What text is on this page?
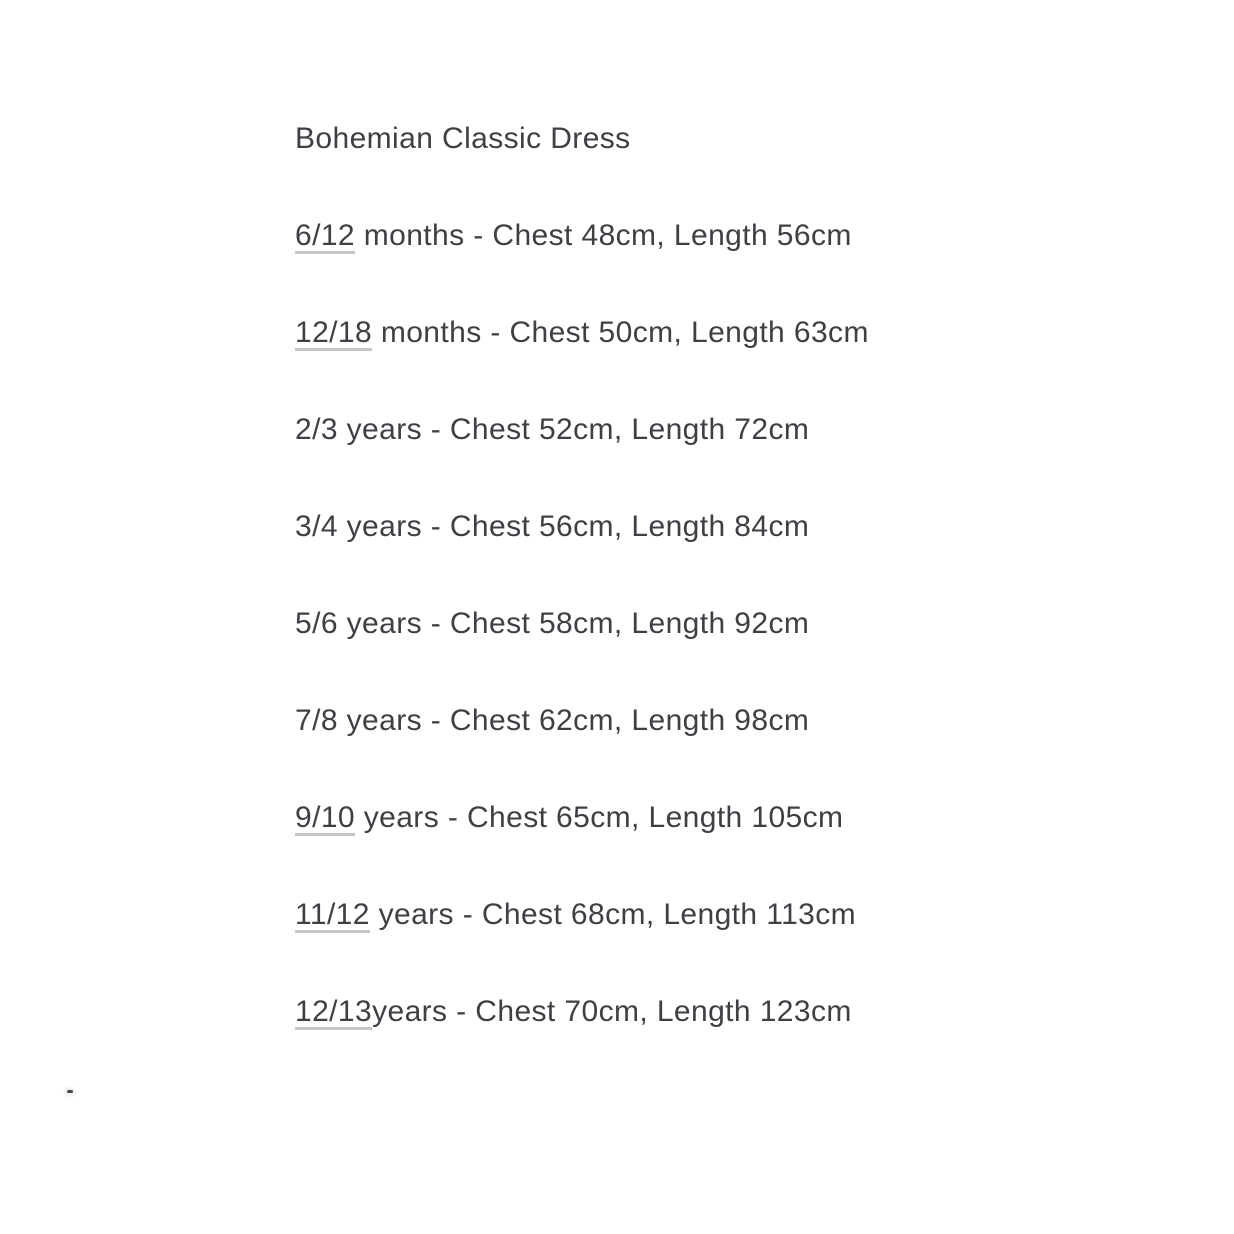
Bohemian Classic Dress

6/12 months - Chest 48cm, Length 56cm

12/18 months - Chest 50cm, Length 63cm

2/3 years - Chest 52cm, Length 72cm

3/4 years - Chest 56cm, Length 84cm

5/6 years - Chest 58cm, Length 92cm

7/8 years - Chest 62cm, Length 98cm

9/10 years - Chest 65cm, Length 105cm

11/12 years - Chest 68cm, Length 113cm

12/13years - Chest 70cm, Length 123cm
